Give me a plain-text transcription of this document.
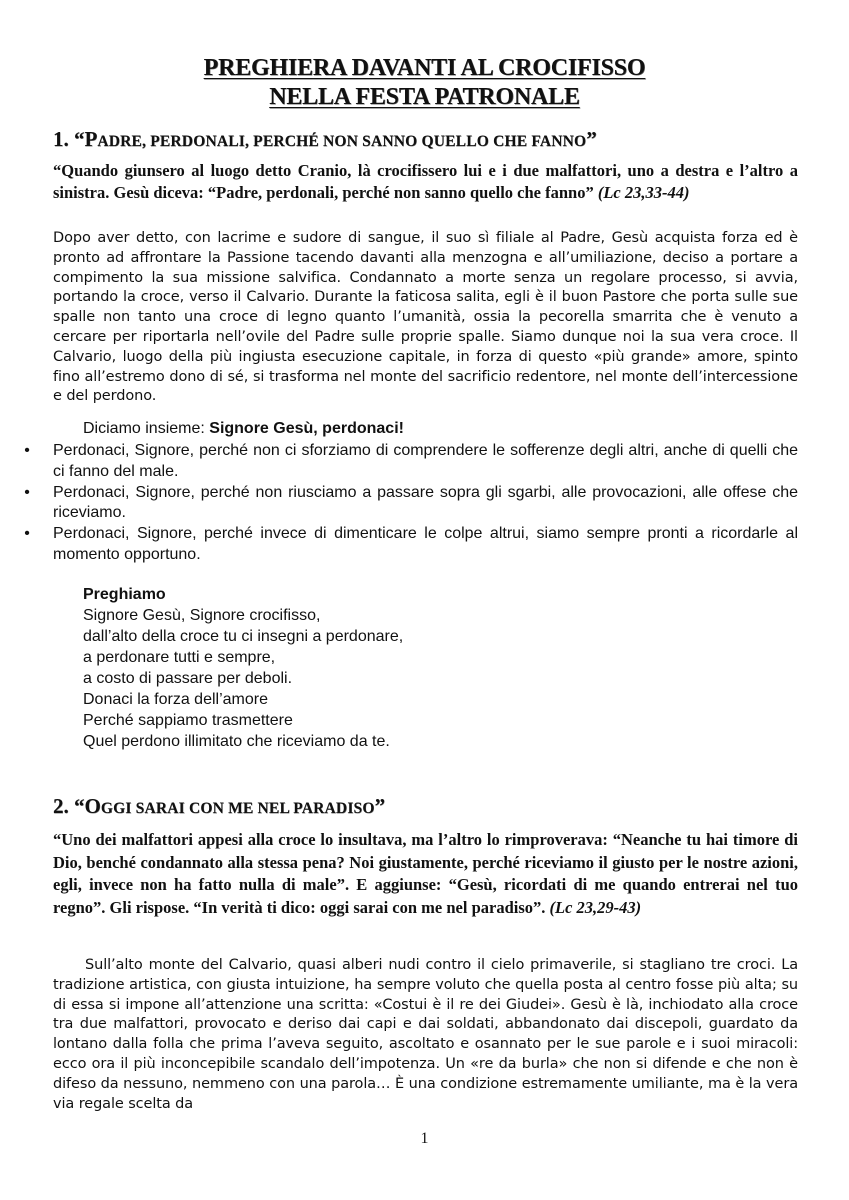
PREGHIERA DAVANTI AL CROCIFISSO
NELLA FESTA PATRONALE
1. “PADRE, PERDONALI, PERCHÉ NON SANNO QUELLO CHE FANNO”
“Quando giunsero al luogo detto Cranio, là crocifissero lui e i due malfattori, uno a destra e l’altro a sinistra. Gesù diceva: “Padre, perdonali, perché non sanno quello che fanno” (Lc 23,33-44)
Dopo aver detto, con lacrime e sudore di sangue, il suo sì filiale al Padre, Gesù acquista forza ed è pronto ad affrontare la Passione tacendo davanti alla menzogna e all’umiliazione, deciso a portare a compimento la sua missione salvifica. Condannato a morte senza un regolare processo, si avvia, portando la croce, verso il Calvario. Durante la faticosa salita, egli è il buon Pastore che porta sulle sue spalle non tanto una croce di legno quanto l’umanità, ossia la pecorella smarrita che è venuto a cercare per riportarla nell’ovile del Padre sulle proprie spalle. Siamo dunque noi la sua vera croce. Il Calvario, luogo della più ingiusta esecuzione capitale, in forza di questo «più grande» amore, spinto fino all’estremo dono di sé, si trasforma nel monte del sacrificio redentore, nel monte dell’intercessione e del perdono.
Diciamo insieme: Signore Gesù, perdonaci!
• Perdonaci, Signore, perché non ci sforziamo di comprendere le sofferenze degli altri, anche di quelli che ci fanno del male.
• Perdonaci, Signore, perché non riusciamo a passare sopra gli sgarbi, alle provocazioni, alle offese che riceviamo.
• Perdonaci, Signore, perché invece di dimenticare le colpe altrui, siamo sempre pronti a ricordarle al momento opportuno.
Preghiamo
Signore Gesù, Signore crocifisso,
dall’alto della croce tu ci insegni a perdonare,
a perdonare tutti e sempre,
a costo di passare per deboli.
Donaci la forza dell’amore
Perché sappiamo trasmettere
Quel perdono illimitato che riceviamo da te.
2. “OGGI SARAI CON ME NEL PARADISO”
“Uno dei malfattori appesi alla croce lo insultava, ma l’altro lo rimproverava: “Neanche tu hai timore di Dio, benché condannato alla stessa pena? Noi giustamente, perché riceviamo il giusto per le nostre azioni, egli, invece non ha fatto nulla di male”. E aggiunse: “Gesù, ricordati di me quando entrerai nel tuo regno”. Gli rispose. “In verità ti dico: oggi sarai con me nel paradiso”. (Lc 23,29-43)
Sull’alto monte del Calvario, quasi alberi nudi contro il cielo primaverile, si stagliano tre croci. La tradizione artistica, con giusta intuizione, ha sempre voluto che quella posta al centro fosse più alta; su di essa si impone all’attenzione una scritta: «Costui è il re dei Giudei». Gesù è là, inchiodato alla croce tra due malfattori, provocato e deriso dai capi e dai soldati, abbandonato dai discepoli, guardato da lontano dalla folla che prima l’aveva seguito, ascoltato e osannato per le sue parole e i suoi miracoli: ecco ora il più inconcepibile scandalo dell’impotenza. Un «re da burla» che non si difende e che non è difeso da nessuno, nemmeno con una parola… È una condizione estremamente umiliante, ma è la vera via regale scelta da
1
